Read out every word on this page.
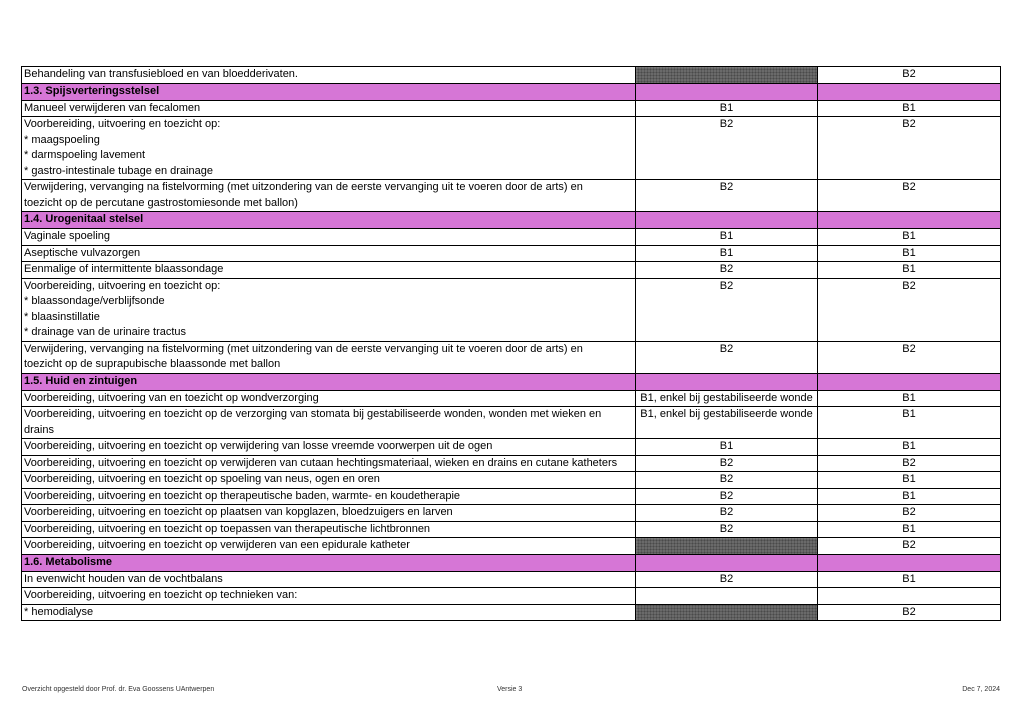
Behandeling van transfusiebloed en van bloedderivaten.		B2
1.3. Spijsverteringsstelsel		

Manueel verwijderen van fecalomen	B1	B1

Voorbereiding, uitvoering en toezicht op:
* maagspoeling
* darmspoeling lavement
* gastro-intestinale tubage en drainage	B2	B2

Verwijdering, vervanging na fistelvorming (met uitzondering van de eerste vervanging uit te voeren door de arts) en
toezicht op de percutane gastrostomiesonde met ballon)	B2	B2
1.4. Urogenitaal stelsel		

Vaginale spoeling	B1	B1

Aseptische vulvazorgen	B1	B1

Eenmalige of intermittente blaassondage	B2	B1

Voorbereiding, uitvoering en toezicht op:
* blaassondage/verblijfsonde
* blaasinstillatie
* drainage van de urinaire tractus	B2	B2

Verwijdering, vervanging na fistelvorming (met uitzondering van de eerste vervanging uit te voeren door de arts) en
toezicht op de suprapubische blaassonde met ballon	B2	B2
1.5. Huid en zintuigen		

Voorbereiding, uitvoering van en toezicht op wondverzorging	B1, enkel bij gestabiliseerde wonde	B1

Voorbereiding, uitvoering en toezicht op de verzorging van stomata bij gestabiliseerde wonden, wonden met wieken en
drains	B1, enkel bij gestabiliseerde wonde	B1

Voorbereiding, uitvoering en toezicht op verwijdering van losse vreemde voorwerpen uit de ogen	B1	B1

Voorbereiding, uitvoering en toezicht op verwijderen van cutaan hechtingsmateriaal, wieken en drains en cutane katheters	B2	B2

Voorbereiding, uitvoering en toezicht op spoeling van neus, ogen en oren	B2	B1

Voorbereiding, uitvoering en toezicht op therapeutische baden, warmte- en koudetherapie	B2	B1

Voorbereiding, uitvoering en toezicht op plaatsen van kopglazen, bloedzuigers en larven	B2	B2

Voorbereiding, uitvoering en toezicht op toepassen van therapeutische lichtbronnen	B2	B1

Voorbereiding, uitvoering en toezicht op verwijderen van een epidurale katheter		B2
1.6. Metabolisme		

In evenwicht houden van de vochtbalans	B2	B1

Voorbereiding, uitvoering en toezicht op technieken van:		

* hemodialyse		B2
Overzicht opgesteld door Prof. dr. Eva Goossens UAntwerpen	Versie 3	Dec 7, 2024
